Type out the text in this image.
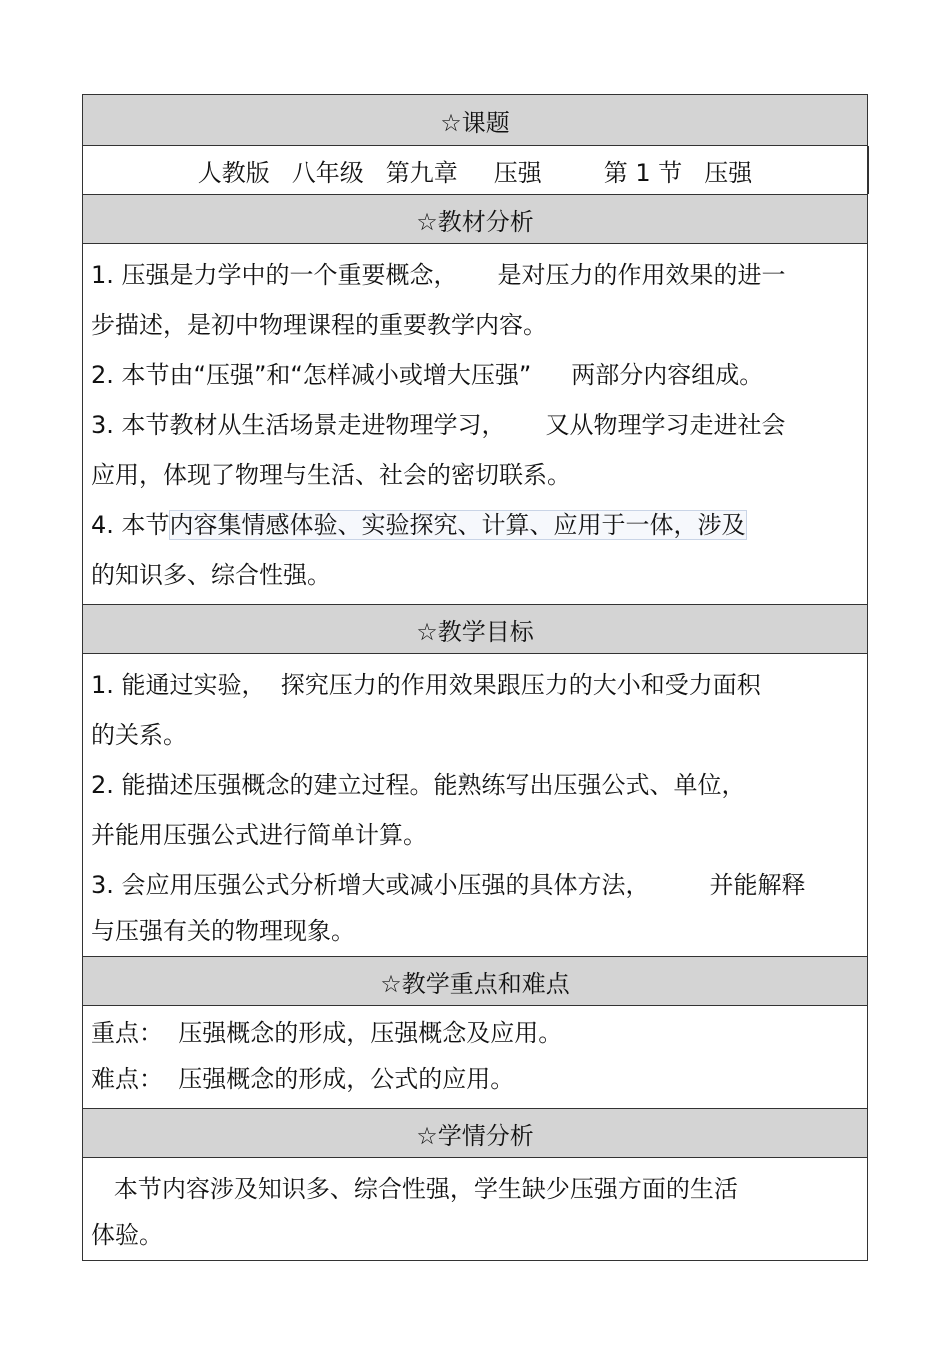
☆课题
人教版 八年级 第九章 压强	第 1 节 压强
☆教材分析
1. 压强是力学中的一个重要概念， 是对压力的作用效果的进一
步描述，是初中物理课程的重要教学内容。
2. 本节由“压强”和“怎样减小或增大压强” 两部分内容组成。
3. 本节教材从生活场景走进物理学习， 又从物理学习走进社会
应用，体现了物理与生活、社会的密切联系。
4. 本节内容集情感体验、实验探究、计算、应用于一体，涉及
的知识多、综合性强。
☆教学目标
1. 能通过实验，  探究压力的作用效果跟压力的大小和受力面积
的关系。
2. 能描述压强概念的建立过程。能熟练写出压强公式、单位，
并能用压强公式进行简单计算。
3. 会应用压强公式分析增大或减小压强的具体方法，	并能解释
与压强有关的物理现象。
☆教学重点和难点
重点：  压强概念的形成，压强概念及应用。
难点：  压强概念的形成，公式的应用。
☆学情分析
本节内容涉及知识多、综合性强，学生缺少压强方面的生活
体验。
